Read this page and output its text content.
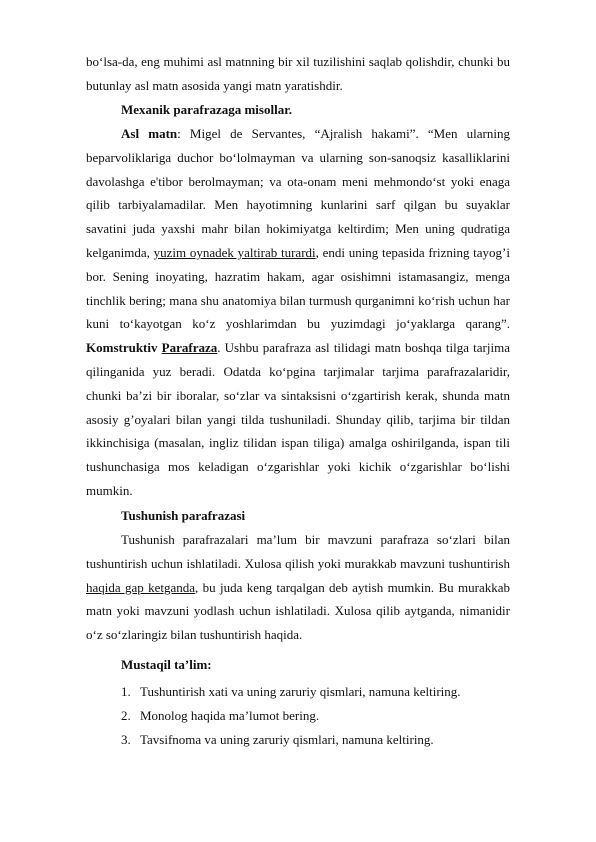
bo‘lsa-da, eng muhimi asl matnning bir xil tuzilishini saqlab qolishdir, chunki bu butunlay asl matn asosida yangi matn yaratishdir.

Mexanik parafrazaga misollar.

Asl matn: Migel de Servantes, “Ajralish hakami”. “Men ularning beparvoliklariga duchor bo‘lolmayman va ularning son-sanoqsiz kasalliklarini davolashga e'tibor berolmayman; va ota-onam meni mehmondo‘st yoki enaga qilib tarbiyalamadilar. Men hayotimning kunlarini sarf qilgan bu suyaklar savatini juda yaxshi mahr bilan hokimiyatga keltirdim; Men uning qudratiga kelganimda, yuzim oynadek yaltirab turardi, endi uning tepasida frizning tayog’i bor. Sening inoyating, hazratim hakam, agar osishimni istamasangiz, menga tinchlik bering; mana shu anatomiya bilan turmush qurganimni ko‘rish uchun har kuni to‘kayotgan ko‘z yoshlarimdan bu yuzimdagi jo‘yaklarga qarang”. Komstruktiv Parafraza. Ushbu parafraza asl tilidagi matn boshqa tilga tarjima qilinganida yuz beradi. Odatda ko‘pgina tarjimalar tarjima parafrazalaridir, chunki ba’zi bir iboralar, so‘zlar va sintaksisni o‘zgartirish kerak, shunda matn asosiy g’oyalari bilan yangi tilda tushuniladi. Shunday qilib, tarjima bir tildan ikkinchisiga (masalan, ingliz tilidan ispan tiliga) amalga oshirilganda, ispan tili tushunchasiga mos keladigan o‘zgarishlar yoki kichik o‘zgarishlar bo‘lishi mumkin.

Tushunish parafrazasi

Tushunish parafrazalari ma’lum bir mavzuni parafraza so‘zlari bilan tushuntirish uchun ishlatiladi. Xulosa qilish yoki murakkab mavzuni tushuntirish haqida gap ketganda, bu juda keng tarqalgan deb aytish mumkin. Bu murakkab matn yoki mavzuni yodlash uchun ishlatiladi. Xulosa qilib aytganda, nimanidir o‘z so‘zlaringiz bilan tushuntirish haqida.

Mustaqil ta’lim:

1. Tushuntirish xati va uning zaruriy qismlari, namuna keltiring.
2. Monolog haqida ma’lumot bering.
3. Tavsifnoma va uning zaruriy qismlari, namuna keltiring.
